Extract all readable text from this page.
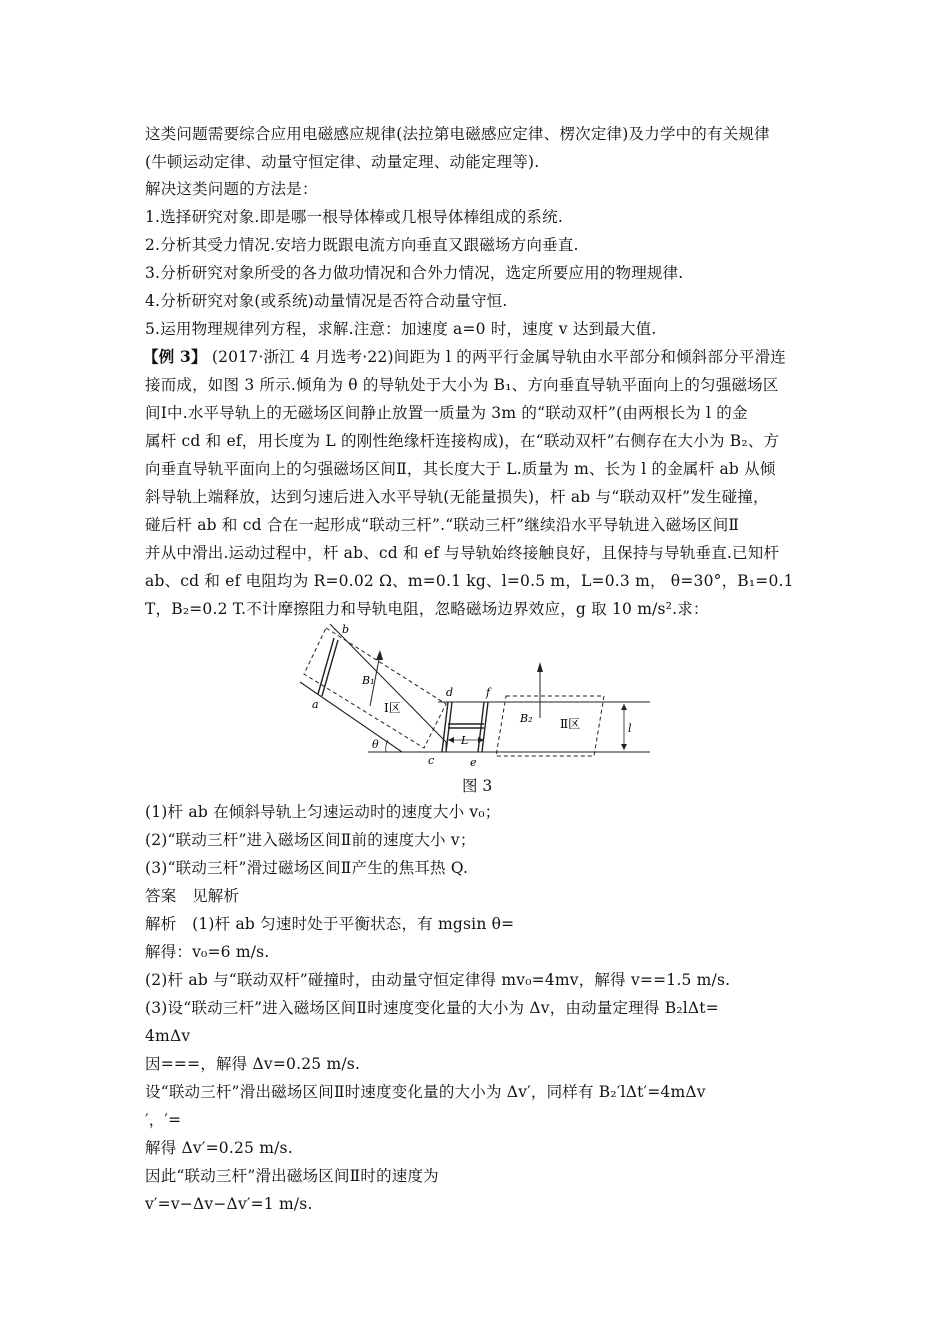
这类问题需要综合应用电磁感应规律(法拉第电磁感应定律、楞次定律)及力学中的有关规律
(牛顿运动定律、动量守恒定律、动量定理、动能定理等).
解决这类问题的方法是：
1.选择研究对象.即是哪一根导体棒或几根导体棒组成的系统.
2.分析其受力情况.安培力既跟电流方向垂直又跟磁场方向垂直.
3.分析研究对象所受的各力做功情况和合外力情况，选定所要应用的物理规律.
4.分析研究对象(或系统)动量情况是否符合动量守恒.
5.运用物理规律列方程，求解.注意：加速度 a=0 时，速度 v 达到最大值.
【例 3】 (2017·浙江 4 月选考·22)间距为 l 的两平行金属导轨由水平部分和倾斜部分平滑连
接而成，如图 3 所示.倾角为 θ 的导轨处于大小为 B₁、方向垂直导轨平面向上的匀强磁场区
间Ⅰ中.水平导轨上的无磁场区间静止放置一质量为 3m 的“联动双杆”(由两根长为 l 的金
属杆 cd 和 ef，用长度为 L 的刚性绝缘杆连接构成)，在“联动双杆”右侧存在大小为 B₂、方
向垂直导轨平面向上的匀强磁场区间Ⅱ，其长度大于 L.质量为 m、长为 l 的金属杆 ab 从倾
斜导轨上端释放，达到匀速后进入水平导轨(无能量损失)，杆 ab 与“联动双杆”发生碰撞，
碰后杆 ab 和 cd 合在一起形成“联动三杆”.“联动三杆”继续沿水平导轨进入磁场区间Ⅱ
并从中滑出.运动过程中，杆 ab、cd 和 ef 与导轨始终接触良好，且保持与导轨垂直.已知杆
ab、cd 和 ef 电阻均为 R=0.02 Ω、m=0.1 kg、l=0.5 m，L=0.3 m， θ=30°，B₁=0.1
T，B₂=0.2 T.不计摩擦阻力和导轨电阻，忽略磁场边界效应，g 取 10 m/s².求：
b
a
c
d
e
f
B₁
B₂
Ⅰ区
Ⅱ区
L
l
θ
图 3
(1)杆 ab 在倾斜导轨上匀速运动时的速度大小 v₀；
(2)“联动三杆”进入磁场区间Ⅱ前的速度大小 v；
(3)“联动三杆”滑过磁场区间Ⅱ产生的焦耳热 Q.
答案　见解析
解析　(1)杆 ab 匀速时处于平衡状态，有 mgsin θ=
解得：v₀=6 m/s.
(2)杆 ab 与“联动双杆”碰撞时，由动量守恒定律得 mv₀=4mv，解得 v==1.5 m/s.
(3)设“联动三杆”进入磁场区间Ⅱ时速度变化量的大小为 Δv，由动量定理得 B₂lΔt=
4mΔv
因===，解得 Δv=0.25 m/s.
设“联动三杆”滑出磁场区间Ⅱ时速度变化量的大小为 Δv′，同样有 B₂′lΔt′=4mΔv
′，′=
解得 Δv′=0.25 m/s.
因此“联动三杆”滑出磁场区间Ⅱ时的速度为
v′=v−Δv−Δv′=1 m/s.
